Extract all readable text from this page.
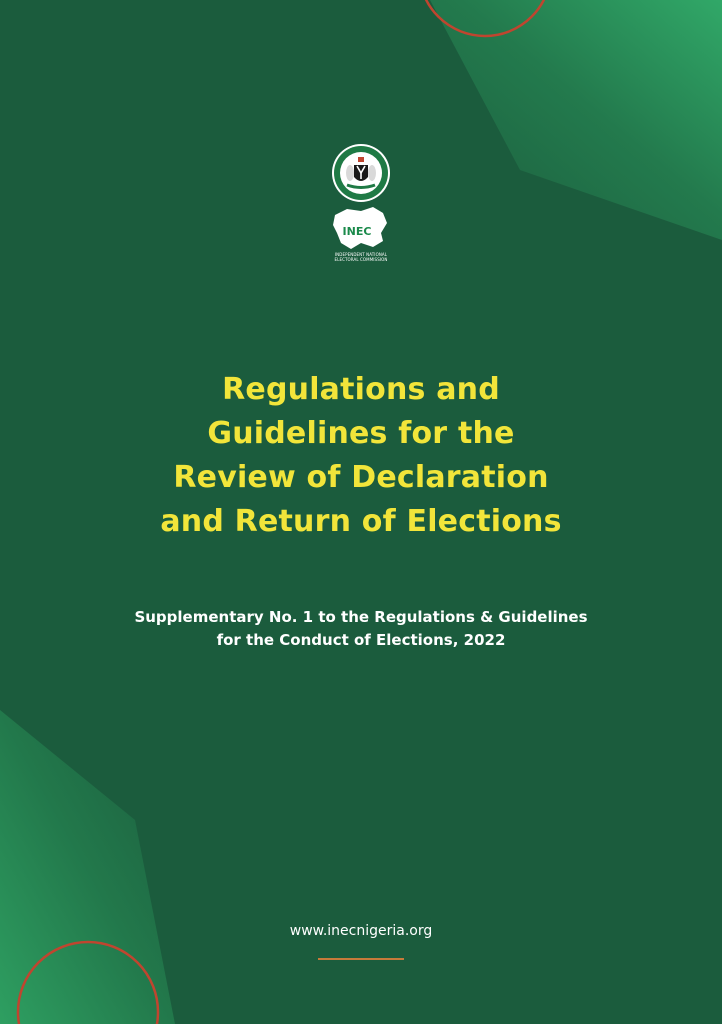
INEC
INDEPENDENT NATIONAL
ELECTORAL COMMISSION
Regulations and
Guidelines for the
Review of Declaration
and Return of Elections
Supplementary No. 1 to the Regulations & Guidelines
for the Conduct of Elections, 2022
www.inecnigeria.org
